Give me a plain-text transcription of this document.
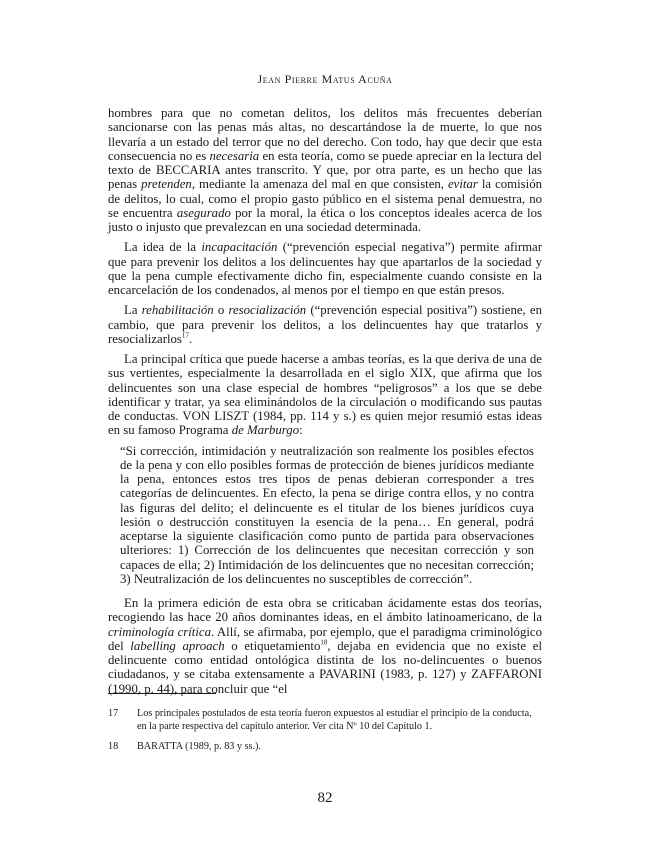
Jean Pierre Matus Acuña

hombres para que no cometan delitos, los delitos más frecuentes deberían sancionarse con las penas más altas, no descartándose la de muerte, lo que nos llevaría a un estado del terror que no del derecho. Con todo, hay que decir que esta consecuencia no es necesaria en esta teoría, como se puede apreciar en la lectura del texto de BECCARIA antes transcrito. Y que, por otra parte, es un hecho que las penas pretenden, mediante la amenaza del mal en que consisten, evitar la comisión de delitos, lo cual, como el propio gasto público en el sistema penal demuestra, no se encuentra asegurado por la moral, la ética o los conceptos ideales acerca de los justo o injusto que prevalezcan en una sociedad determinada.

La idea de la incapacitación (“prevención especial negativa”) permite afirmar que para prevenir los delitos a los delincuentes hay que apartarlos de la sociedad y que la pena cumple efectivamente dicho fin, especialmente cuando consiste en la encarcelación de los condenados, al menos por el tiempo en que están presos.

La rehabilitación o resocialización (“prevención especial positiva”) sostiene, en cambio, que para prevenir los delitos, a los delincuentes hay que tratarlos y resocializarlos$^{17}$.

La principal crítica que puede hacerse a ambas teorías, es la que deriva de una de sus vertientes, especialmente la desarrollada en el siglo XIX, que afirma que los delincuentes son una clase especial de hombres “peligrosos” a los que se debe identificar y tratar, ya sea eliminándolos de la circulación o modificando sus pautas de conductas. VON LISZT (1984, pp. 114 y s.) es quien mejor resumió estas ideas en su famoso Programa de Marburgo:

“Si corrección, intimidación y neutralización son realmente los posibles efectos de la pena y con ello posibles formas de protección de bienes jurídicos mediante la pena, entonces estos tres tipos de penas debieran corresponder a tres categorías de delincuentes. En efecto, la pena se dirige contra ellos, y no contra las figuras del delito; el delincuente es el titular de los bienes jurídicos cuya lesión o destrucción constituyen la esencia de la pena… En general, podrá aceptarse la siguiente clasificación como punto de partida para observaciones ulteriores: 1) Corrección de los delincuentes que necesitan corrección y son capaces de ella; 2) Intimidación de los delincuentes que no necesitan corrección; 3) Neutralización de los delincuentes no susceptibles de corrección”.

En la primera edición de esta obra se criticaban ácidamente estas dos teorías, recogiendo las hace 20 años dominantes ideas, en el ámbito latinoamericano, de la criminología crítica. Allí, se afirmaba, por ejemplo, que el paradigma criminológico del labelling aproach o etiquetamiento$^{18}$, dejaba en evidencia que no existe el delincuente como entidad ontológica distinta de los no-delincuentes o buenos ciudadanos, y se citaba extensamente a PAVARINI (1983, p. 127) y ZAFFARONI (1990, p. 44), para concluir que “el

17	Los principales postulados de esta teoría fueron expuestos al estudiar el principio de la conducta, en la parte respectiva del capítulo anterior. Ver cita Nº 10 del Capítulo 1.
18	BARATTA (1989, p. 83 y ss.).
82
